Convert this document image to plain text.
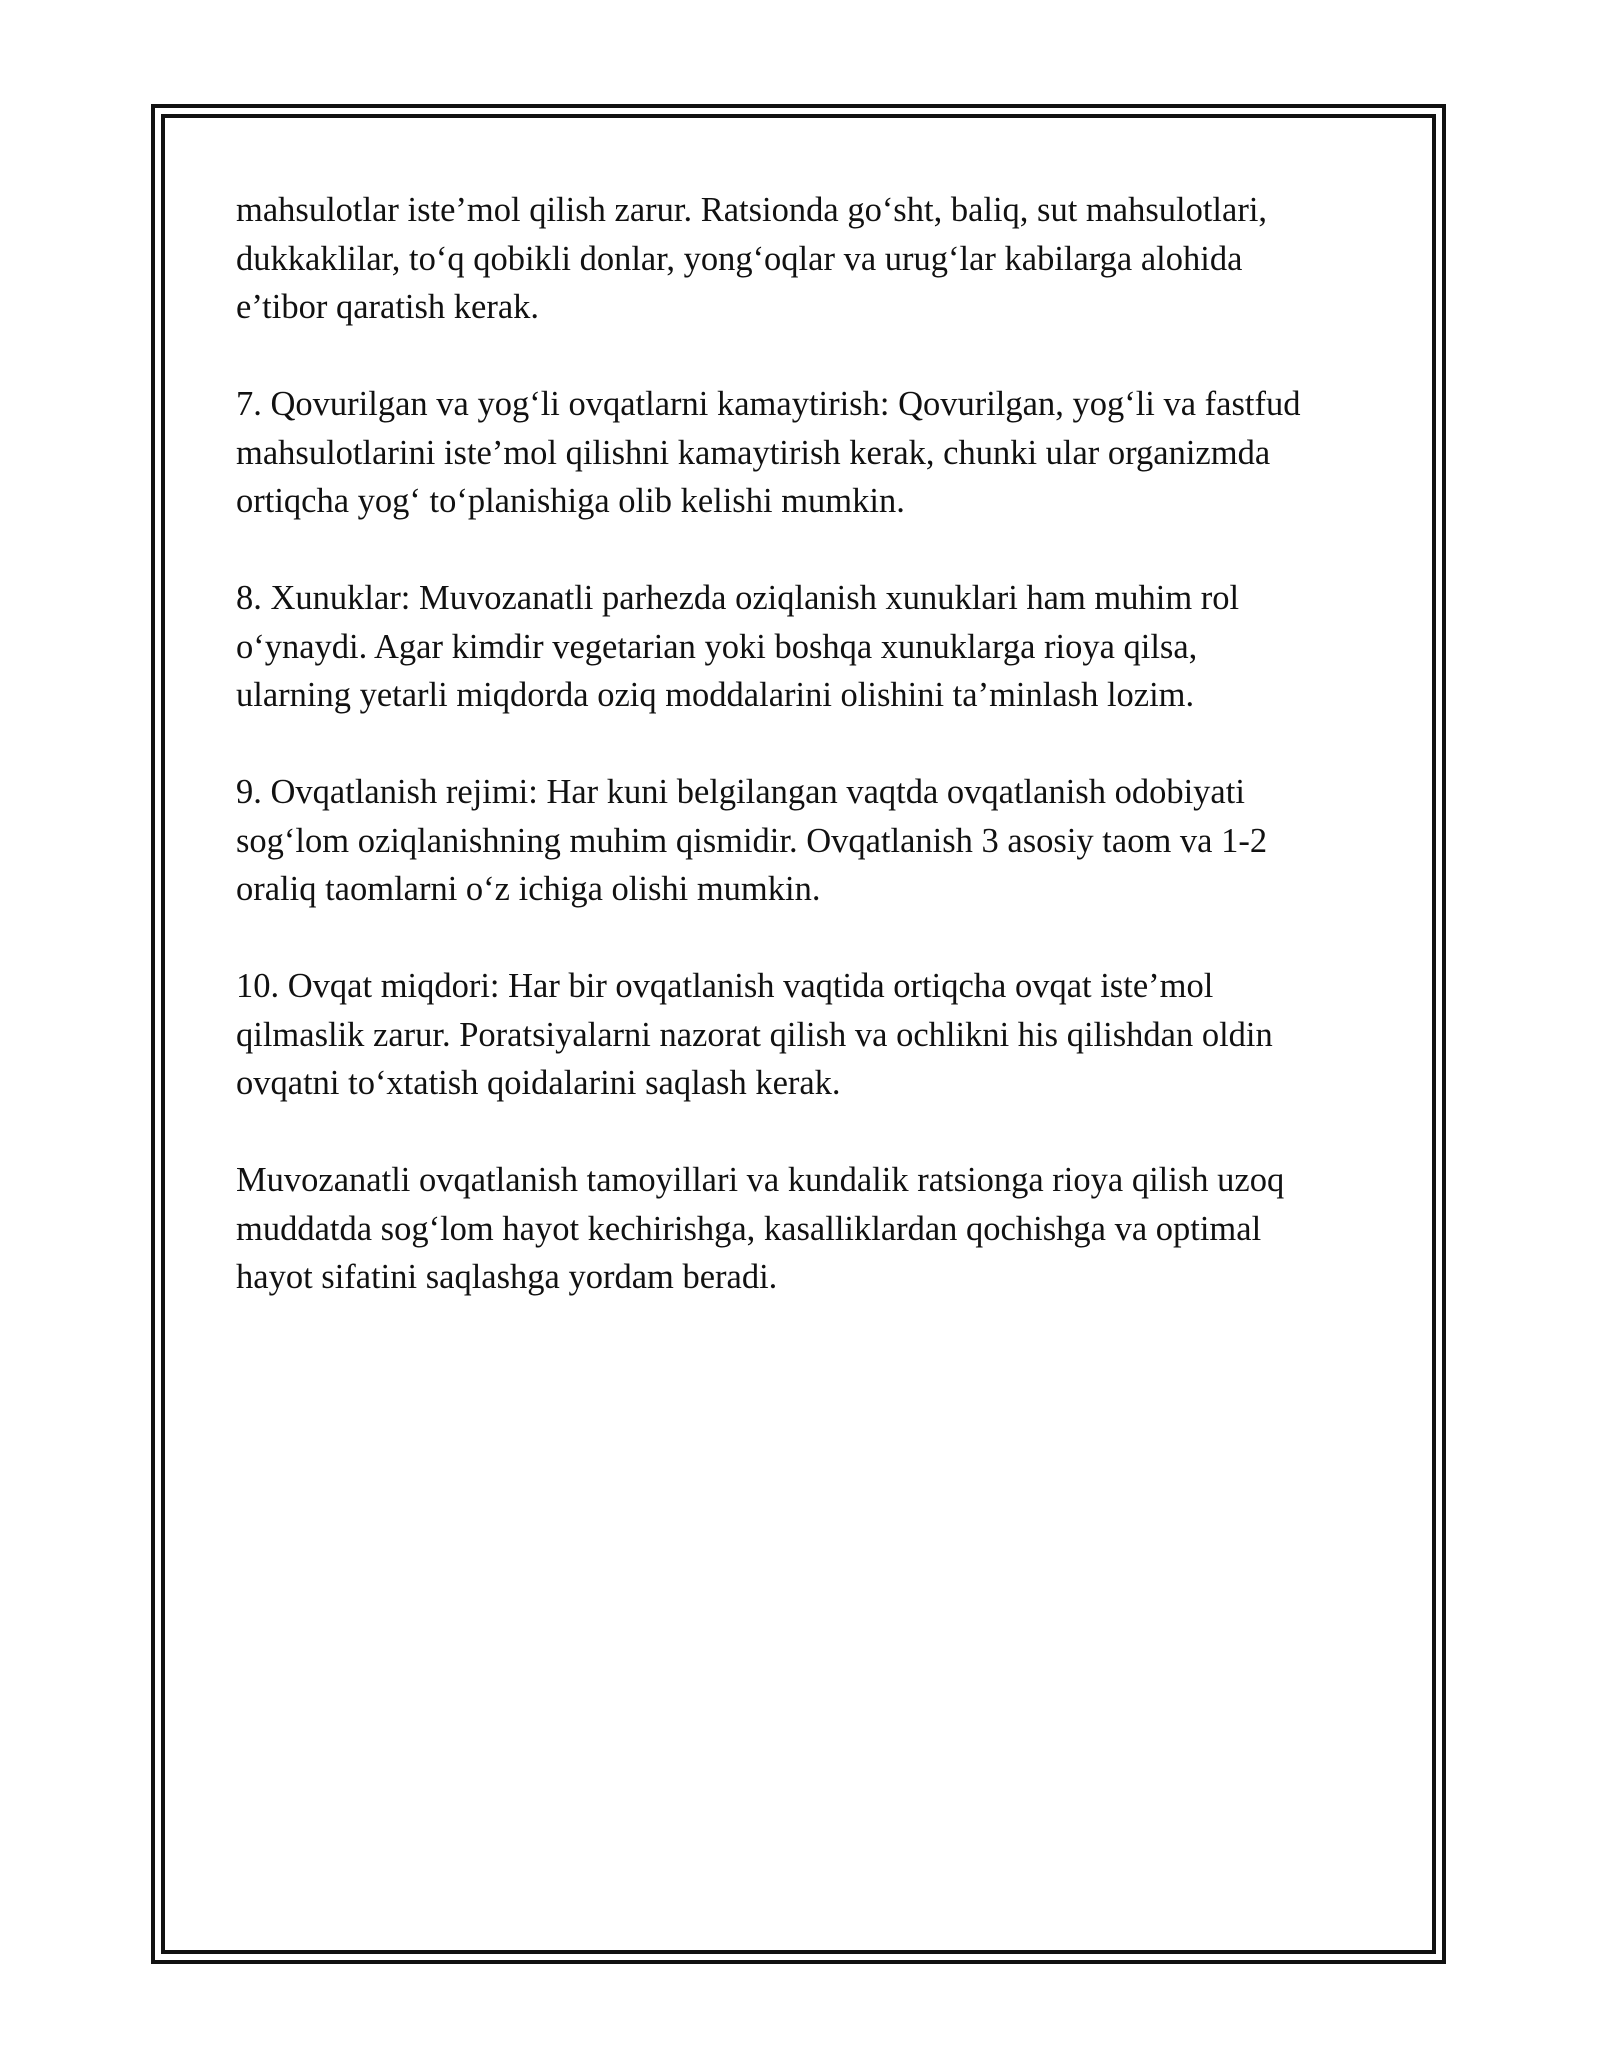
mahsulotlar iste’mol qilish zarur. Ratsionda go‘sht, baliq, sut mahsulotlari,
dukkaklilar, to‘q qobikli donlar, yong‘oqlar va urug‘lar kabilarga alohida
e’tibor qaratish kerak.

7. Qovurilgan va yog‘li ovqatlarni kamaytirish: Qovurilgan, yog‘li va fastfud
mahsulotlarini iste’mol qilishni kamaytirish kerak, chunki ular organizmda
ortiqcha yog‘ to‘planishiga olib kelishi mumkin.

8. Xunuklar: Muvozanatli parhezda oziqlanish xunuklari ham muhim rol
o‘ynaydi. Agar kimdir vegetarian yoki boshqa xunuklarga rioya qilsa,
ularning yetarli miqdorda oziq moddalarini olishini ta’minlash lozim.

9. Ovqatlanish rejimi: Har kuni belgilangan vaqtda ovqatlanish odobiyati
sog‘lom oziqlanishning muhim qismidir. Ovqatlanish 3 asosiy taom va 1-2
oraliq taomlarni o‘z ichiga olishi mumkin.

10. Ovqat miqdori: Har bir ovqatlanish vaqtida ortiqcha ovqat iste’mol
qilmaslik zarur. Poratsiyalarni nazorat qilish va ochlikni his qilishdan oldin
ovqatni to‘xtatish qoidalarini saqlash kerak.

Muvozanatli ovqatlanish tamoyillari va kundalik ratsionga rioya qilish uzoq
muddatda sog‘lom hayot kechirishga, kasalliklardan qochishga va optimal
hayot sifatini saqlashga yordam beradi.
